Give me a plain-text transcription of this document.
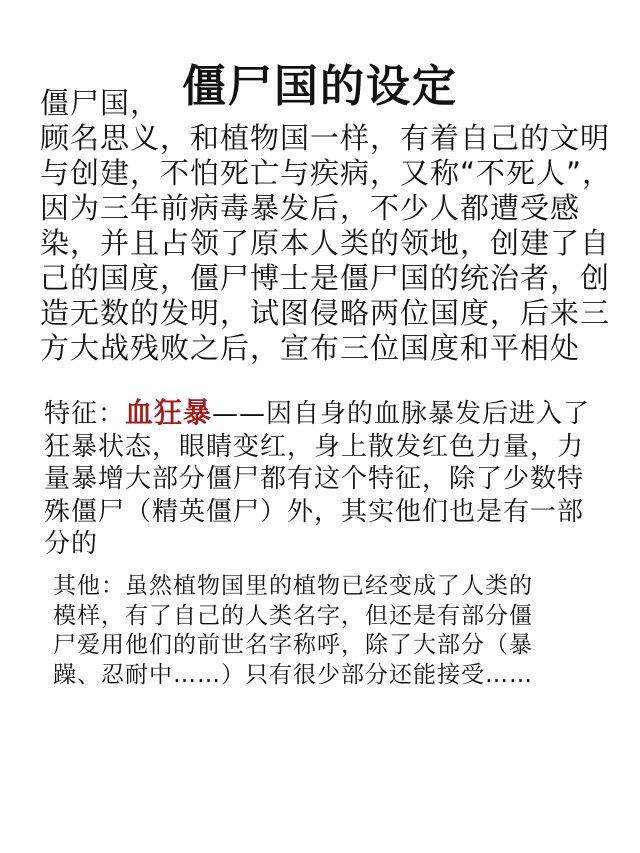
僵尸国的设定
僵尸国，
顾名思义，和植物国一样，有着自己的文明与创建，不怕死亡与疾病，又称“不死人”，因为三年前病毒暴发后，不少人都遭受感染，并且占领了原本人类的领地，创建了自己的国度，僵尸博士是僵尸国的统治者，创造无数的发明，试图侵略两位国度，后来三方大战残败之后，宣布三位国度和平相处
特征：血狂暴——因自身的血脉暴发后进入了狂暴状态，眼睛变红，身上散发红色力量，力量暴增大部分僵尸都有这个特征，除了少数特殊僵尸（精英僵尸）外，其实他们也是有一部分的
其他：虽然植物国里的植物已经变成了人类的模样，有了自己的人类名字，但还是有部分僵尸爱用他们的前世名字称呼，除了大部分（暴躁、忍耐中……）只有很少部分还能接受……
